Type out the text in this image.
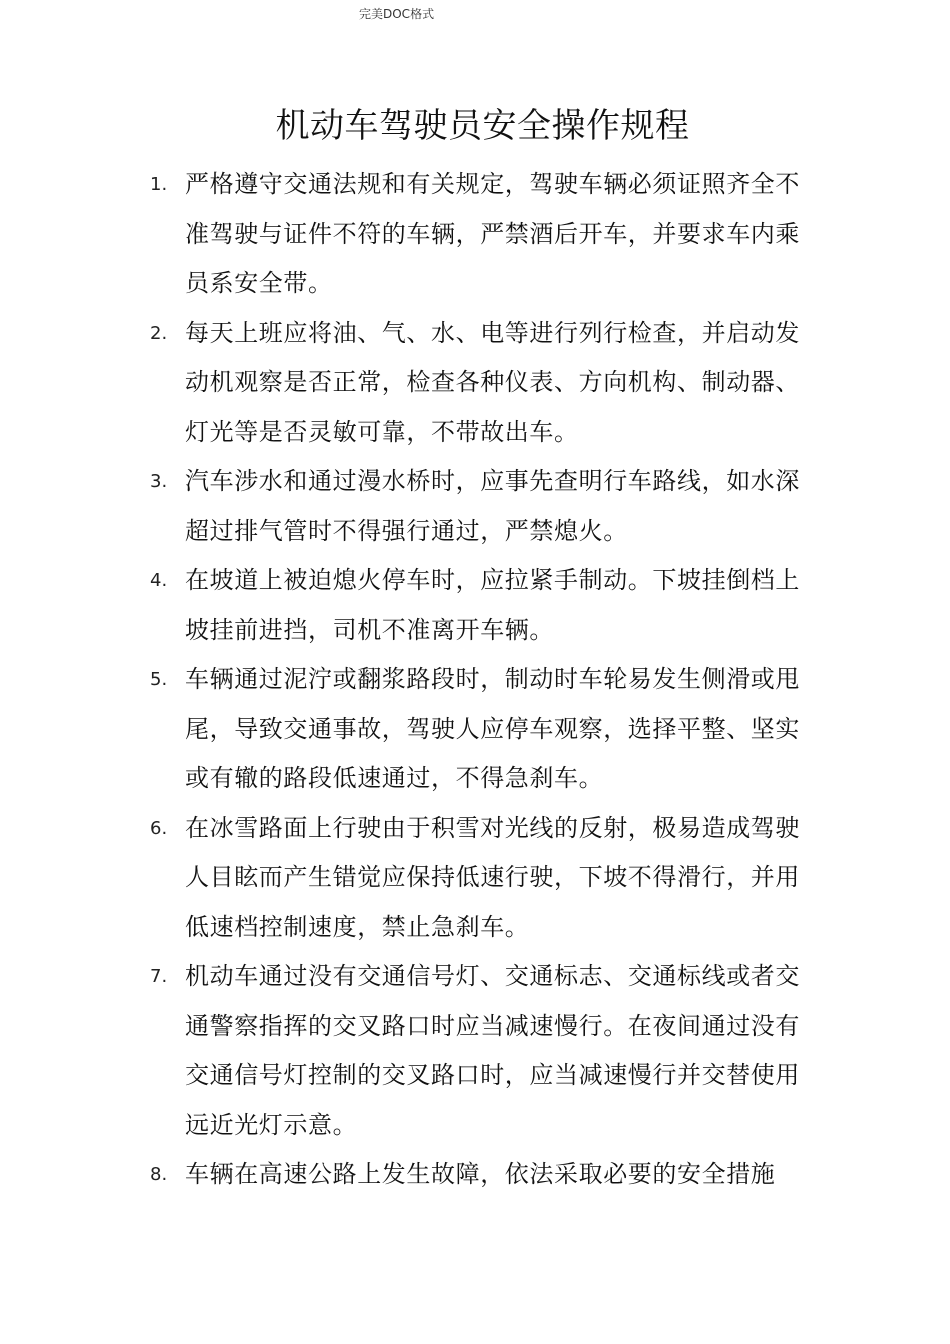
完美DOC格式
机动车驾驶员安全操作规程
1. 严格遵守交通法规和有关规定，驾驶车辆必须证照齐全不准驾驶与证件不符的车辆，严禁酒后开车，并要求车内乘员系安全带。
2. 每天上班应将油、气、水、电等进行列行检查，并启动发动机观察是否正常，检查各种仪表、方向机构、制动器、灯光等是否灵敏可靠，不带故出车。
3. 汽车涉水和通过漫水桥时，应事先查明行车路线，如水深超过排气管时不得强行通过，严禁熄火。
4. 在坡道上被迫熄火停车时，应拉紧手制动。下坡挂倒档上坡挂前进挡，司机不准离开车辆。
5. 车辆通过泥泞或翻浆路段时，制动时车轮易发生侧滑或甩尾，导致交通事故，驾驶人应停车观察，选择平整、坚实或有辙的路段低速通过，不得急刹车。
6. 在冰雪路面上行驶由于积雪对光线的反射，极易造成驾驶人目眩而产生错觉应保持低速行驶，下坡不得滑行，并用低速档控制速度，禁止急刹车。
7. 机动车通过没有交通信号灯、交通标志、交通标线或者交通警察指挥的交叉路口时应当减速慢行。在夜间通过没有交通信号灯控制的交叉路口时，应当减速慢行并交替使用远近光灯示意。
8. 车辆在高速公路上发生故障，依法采取必要的安全措施
